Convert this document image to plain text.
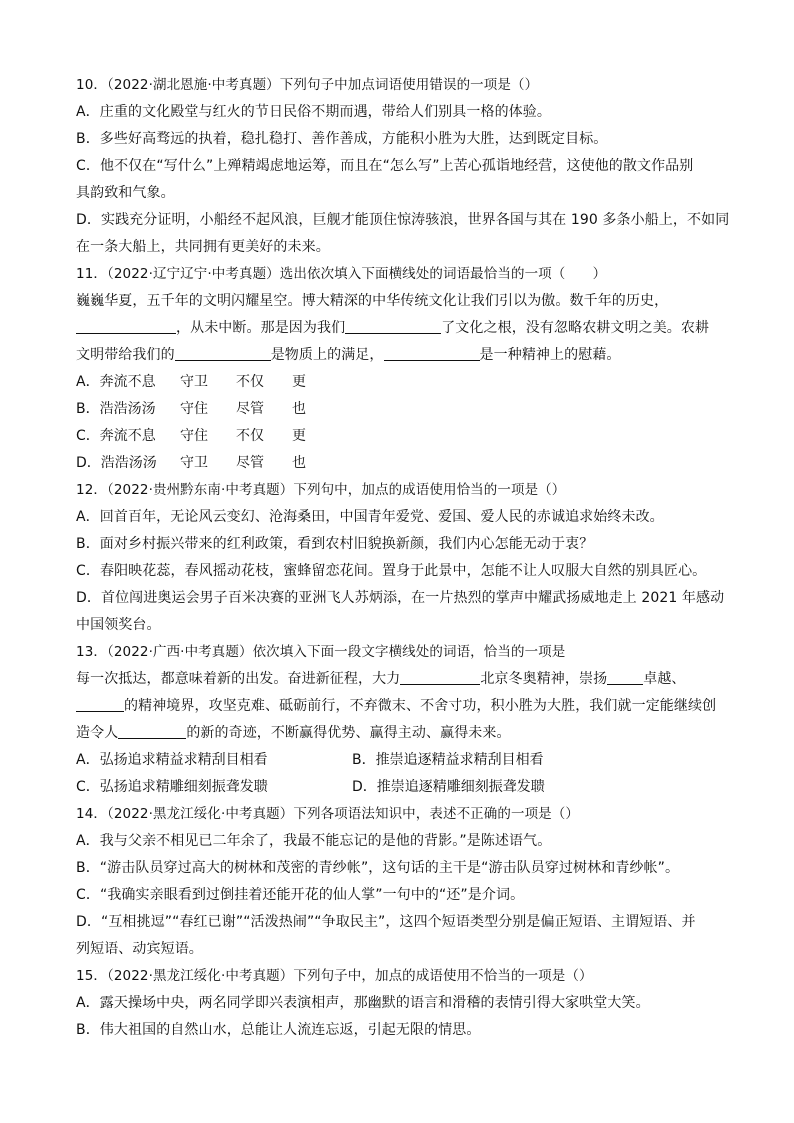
10．（2022·湖北恩施·中考真题）下列句子中加点词语使用错误的一项是（）
A．庄重的文化殿堂与红火的节日民俗不期而遇，带给人们别具一格的体验。
B．多些好高骛远的执着，稳扎稳打、善作善成，方能积小胜为大胜，达到既定目标。
C．他不仅在“写什么”上殚精竭虑地运筹，而且在“怎么写”上苦心孤诣地经营，这使他的散文作品别
具韵致和气象。
D．实践充分证明，小船经不起风浪，巨舰才能顶住惊涛骇浪，世界各国与其在 190 多条小船上，不如同
在一条大船上，共同拥有更美好的未来。
11．（2022·辽宁辽宁·中考真题）选出依次填入下面横线处的词语最恰当的一项（　　）
巍巍华夏，五千年的文明闪耀星空。博大精深的中华传统文化让我们引以为傲。数千年的历史，
，从未中断。那是因为我们	了文化之根，没有忽略农耕文明之美。农耕
文明带给我们的	是物质上的满足，	是一种精神上的慰藉。
A．奔流不息 守卫 不仅 更
B．浩浩汤汤 守住 尽管 也
C．奔流不息 守住 不仅 更
D．浩浩汤汤 守卫 尽管 也
12．（2022·贵州黔东南·中考真题）下列句中，加点的成语使用恰当的一项是（）
A．回首百年，无论风云变幻、沧海桑田，中国青年爱党、爱国、爱人民的赤诚追求始终未改。
B．面对乡村振兴带来的红利政策，看到农村旧貌换新颜，我们内心怎能无动于衷？
C．春阳映花蕊，春风摇动花枝，蜜蜂留恋花间。置身于此景中，怎能不让人叹服大自然的别具匠心。
D．首位闯进奥运会男子百米决赛的亚洲飞人苏炳添，在一片热烈的掌声中耀武扬威地走上 2021 年感动
中国领奖台。
13．（2022·广西·中考真题）依次填入下面一段文字横线处的词语，恰当的一项是
每一次抵达，都意味着新的出发。奋进新征程，大力	北京冬奥精神，崇扬	卓越、
的精神境界，攻坚克难、砥砺前行，不弃微末、不舍寸功，积小胜为大胜，我们就一定能继续创
造令人	的新的奇迹，不断赢得优势、赢得主动、赢得未来。
A．弘扬追求精益求精刮目相看	B．推崇追逐精益求精刮目相看
C．弘扬追求精雕细刻振聋发聩	D．推崇追逐精雕细刻振聋发聩
14．（2022·黑龙江绥化·中考真题）下列各项语法知识中，表述不正确的一项是（）
A．我与父亲不相见已二年余了，我最不能忘记的是他的背影。”是陈述语气。
B．“游击队员穿过高大的树林和茂密的青纱帐”，这句话的主干是“游击队员穿过树林和青纱帐”。
C．“我确实亲眼看到过倒挂着还能开花的仙人掌”一句中的“还”是介词。
D．“互相挑逗”“春红已谢”“活泼热闹”“争取民主”，这四个短语类型分别是偏正短语、主谓短语、并
列短语、动宾短语。
15．（2022·黑龙江绥化·中考真题）下列句子中，加点的成语使用不恰当的一项是（）
A．露天操场中央，两名同学即兴表演相声，那幽默的语言和滑稽的表情引得大家哄堂大笑。
B．伟大祖国的自然山水，总能让人流连忘返，引起无限的情思。
